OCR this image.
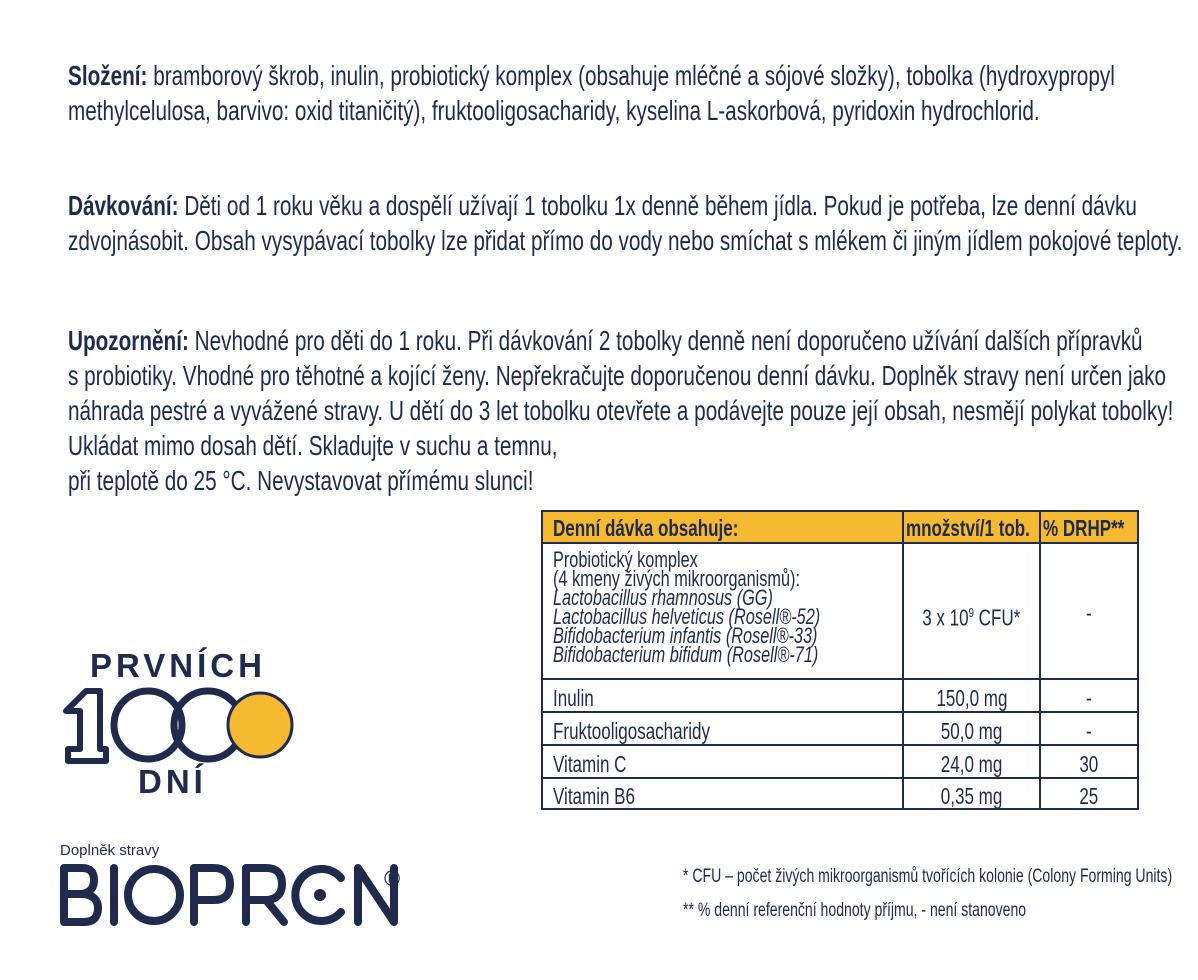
Složení: bramborový škrob, inulin, probiotický komplex (obsahuje mléčné a sójové složky), tobolka (hydroxypropyl
methylcelulosa, barvivo: oxid titaničitý), fruktooligosacharidy, kyselina L-askorbová, pyridoxin hydrochlorid.
Dávkování: Děti od 1 roku věku a dospělí užívají 1 tobolku 1x denně během jídla. Pokud je potřeba, lze denní dávku
zdvojnásobit. Obsah vysypávací tobolky lze přidat přímo do vody nebo smíchat s mlékem či jiným jídlem pokojové teploty.
Upozornění: Nevhodné pro děti do 1 roku. Při dávkování 2 tobolky denně není doporučeno užívání dalších přípravků
s probiotiky. Vhodné pro těhotné a kojící ženy. Nepřekračujte doporučenou denní dávku. Doplněk stravy není určen jako
náhrada pestré a vyvážené stravy. U dětí do 3 let tobolku otevřete a podávejte pouze její obsah, nesmějí polykat tobolky!
Ukládat mimo dosah dětí. Skladujte v suchu a temnu,
při teplotě do 25 °C. Nevystavovat přímému slunci!
Denní dávka obsahuje:	množství/1 tob. % DRHP**
Probiotický komplex
(4 kmeny živých mikroorganismů):
Lactobacillus rhamnosus (GG)
Lactobacillus helveticus (Rosell®-52)
Bifidobacterium infantis (Rosell®-33)
Bifidobacterium bifidum (Rosell®-71)
3 x $10^9$ CFU*	-
Inulin	150,0 mg	-
Fruktooligosacharidy	50,0 mg	-
Vitamin C	24,0 mg	30
Vitamin B6	0,35 mg	25
PRVNÍCH
DNÍ
Doplněk stravy
®	* CFU – počet živých mikroorganismů tvořících kolonie (Colony Forming Units)
** % denní referenční hodnoty příjmu, - není stanoveno
